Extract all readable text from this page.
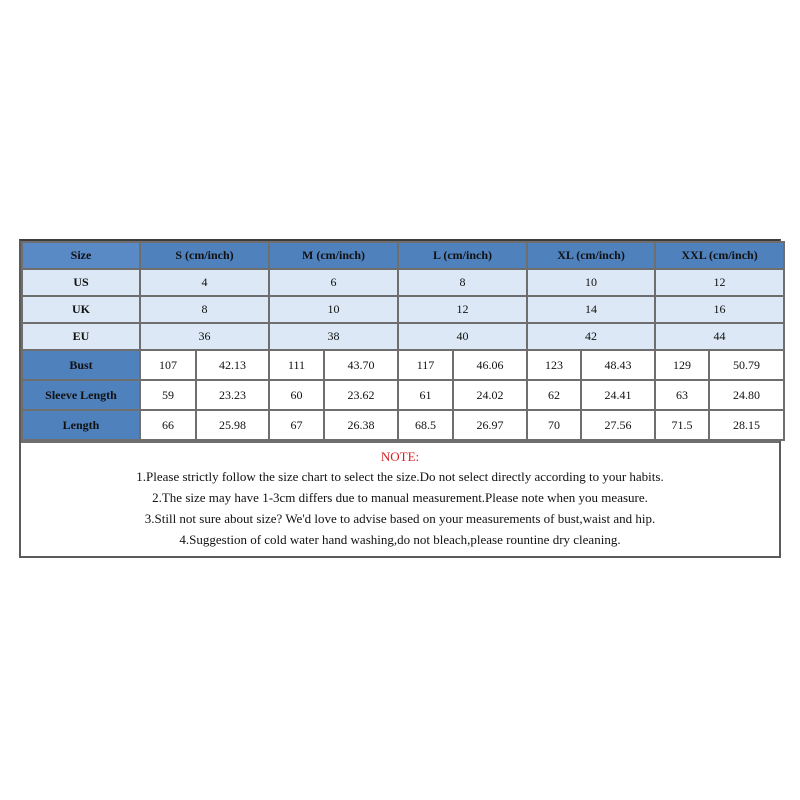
Size	S (cm/inch)		M (cm/inch)		L (cm/inch)		XL (cm/inch)		XXL (cm/inch)	
US	4		6		8		10		12	
UK	8		10		12		14		16	
EU	36		38		40		42		44	
Bust	107	42.13	111	43.70	117	46.06	123	48.43	129	50.79
Sleeve Length	59	23.23	60	23.62	61	24.02	62	24.41	63	24.80
Length	66	25.98	67	26.38	68.5	26.97	70	27.56	71.5	28.15
NOTE:
1.Please strictly follow the size chart to select the size.Do not select directly according to your habits.
2.The size may have 1-3cm differs due to manual measurement.Please note when you measure.
3.Still not sure about size? We'd love to advise based on your measurements of bust,waist and hip.
4.Suggestion of cold water hand washing,do not bleach,please rountine dry cleaning.
